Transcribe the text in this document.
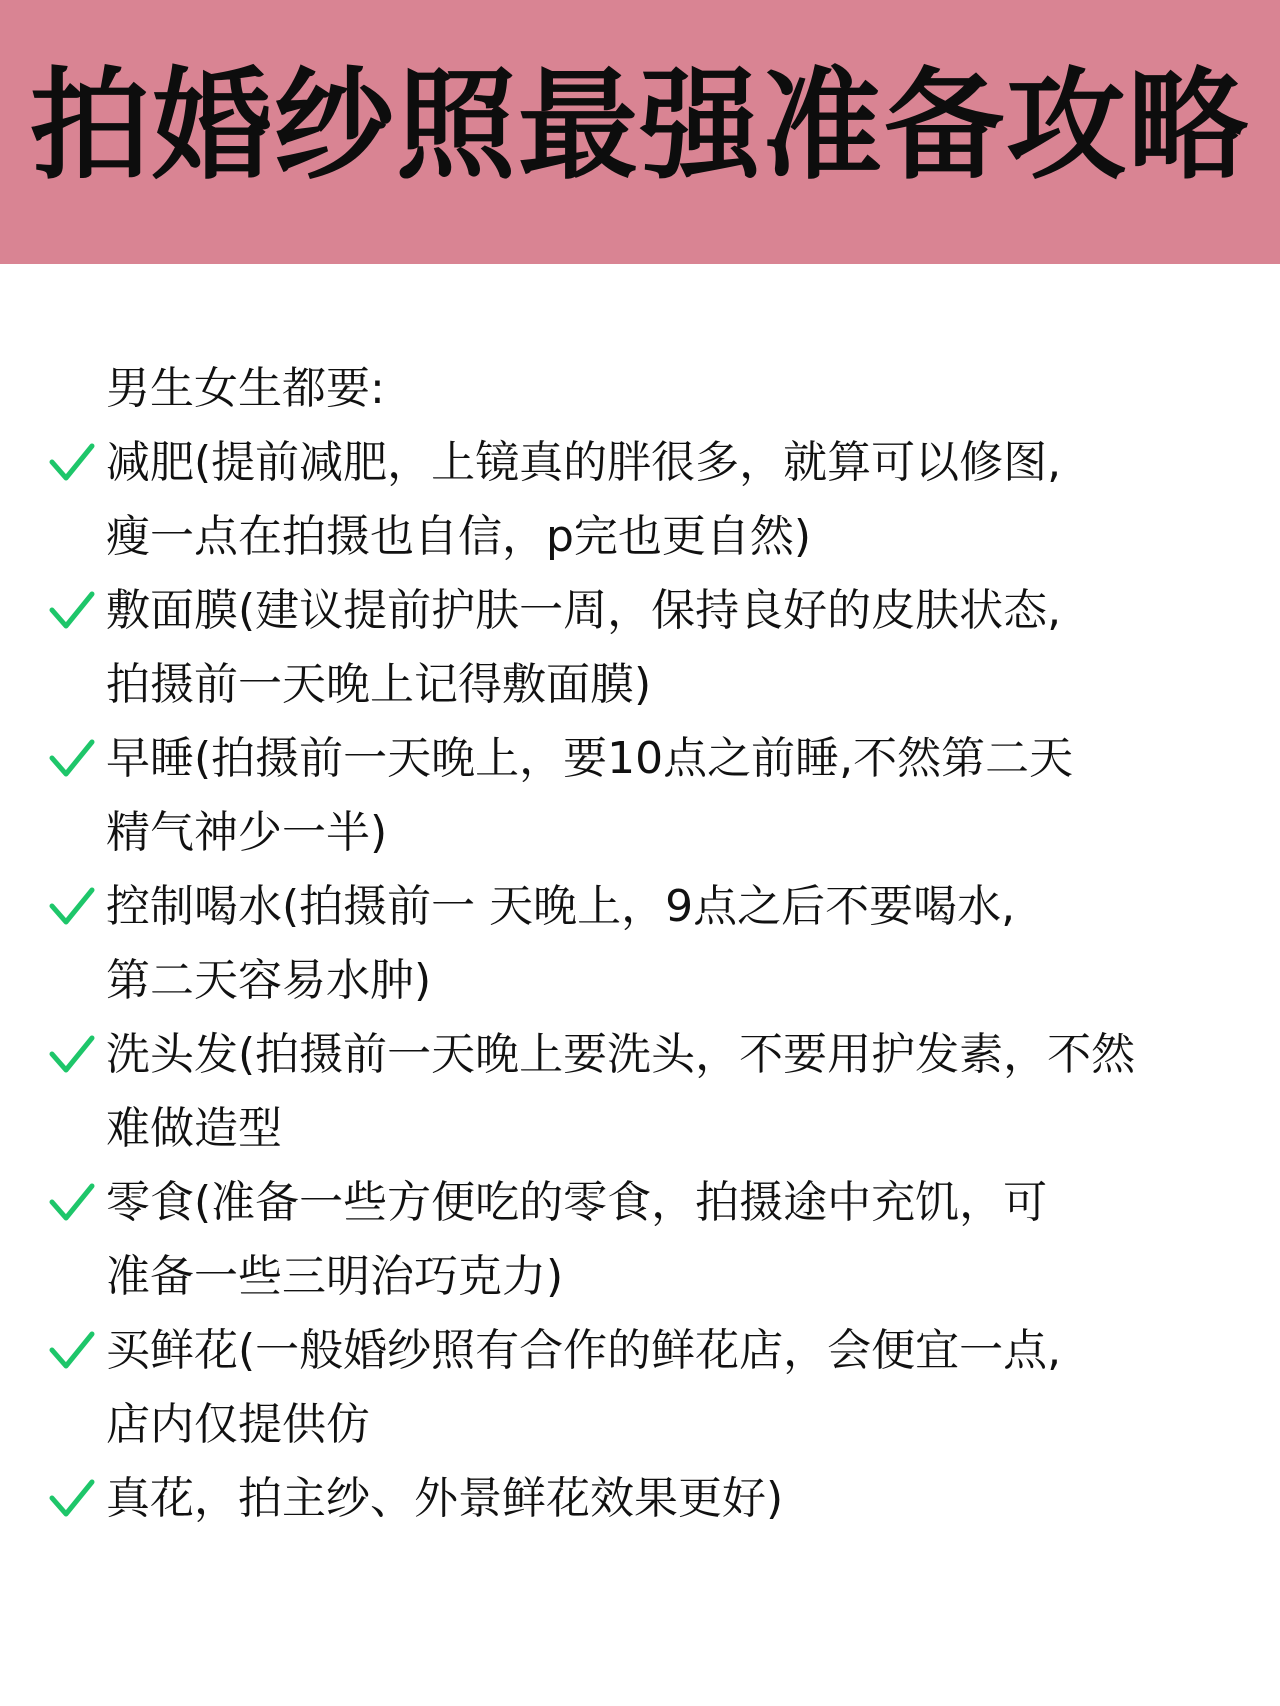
拍婚纱照最强准备攻略
男生女生都要:
减肥(提前减肥，上镜真的胖很多，就算可以修图,
瘦一点在拍摄也自信，p完也更自然)
敷面膜(建议提前护肤一周，保持良好的皮肤状态,
拍摄前一天晚上记得敷面膜)
早睡(拍摄前一天晚上，要10点之前睡,不然第二天
精气神少一半)
控制喝水(拍摄前一 天晚上，9点之后不要喝水,
第二天容易水肿)
洗头发(拍摄前一天晚上要洗头，不要用护发素，不然
难做造型
零食(准备一些方便吃的零食，拍摄途中充饥，可
准备一些三明治巧克力)
买鲜花(一般婚纱照有合作的鲜花店，会便宜一点,
店内仅提供仿
真花，拍主纱、外景鲜花效果更好)
